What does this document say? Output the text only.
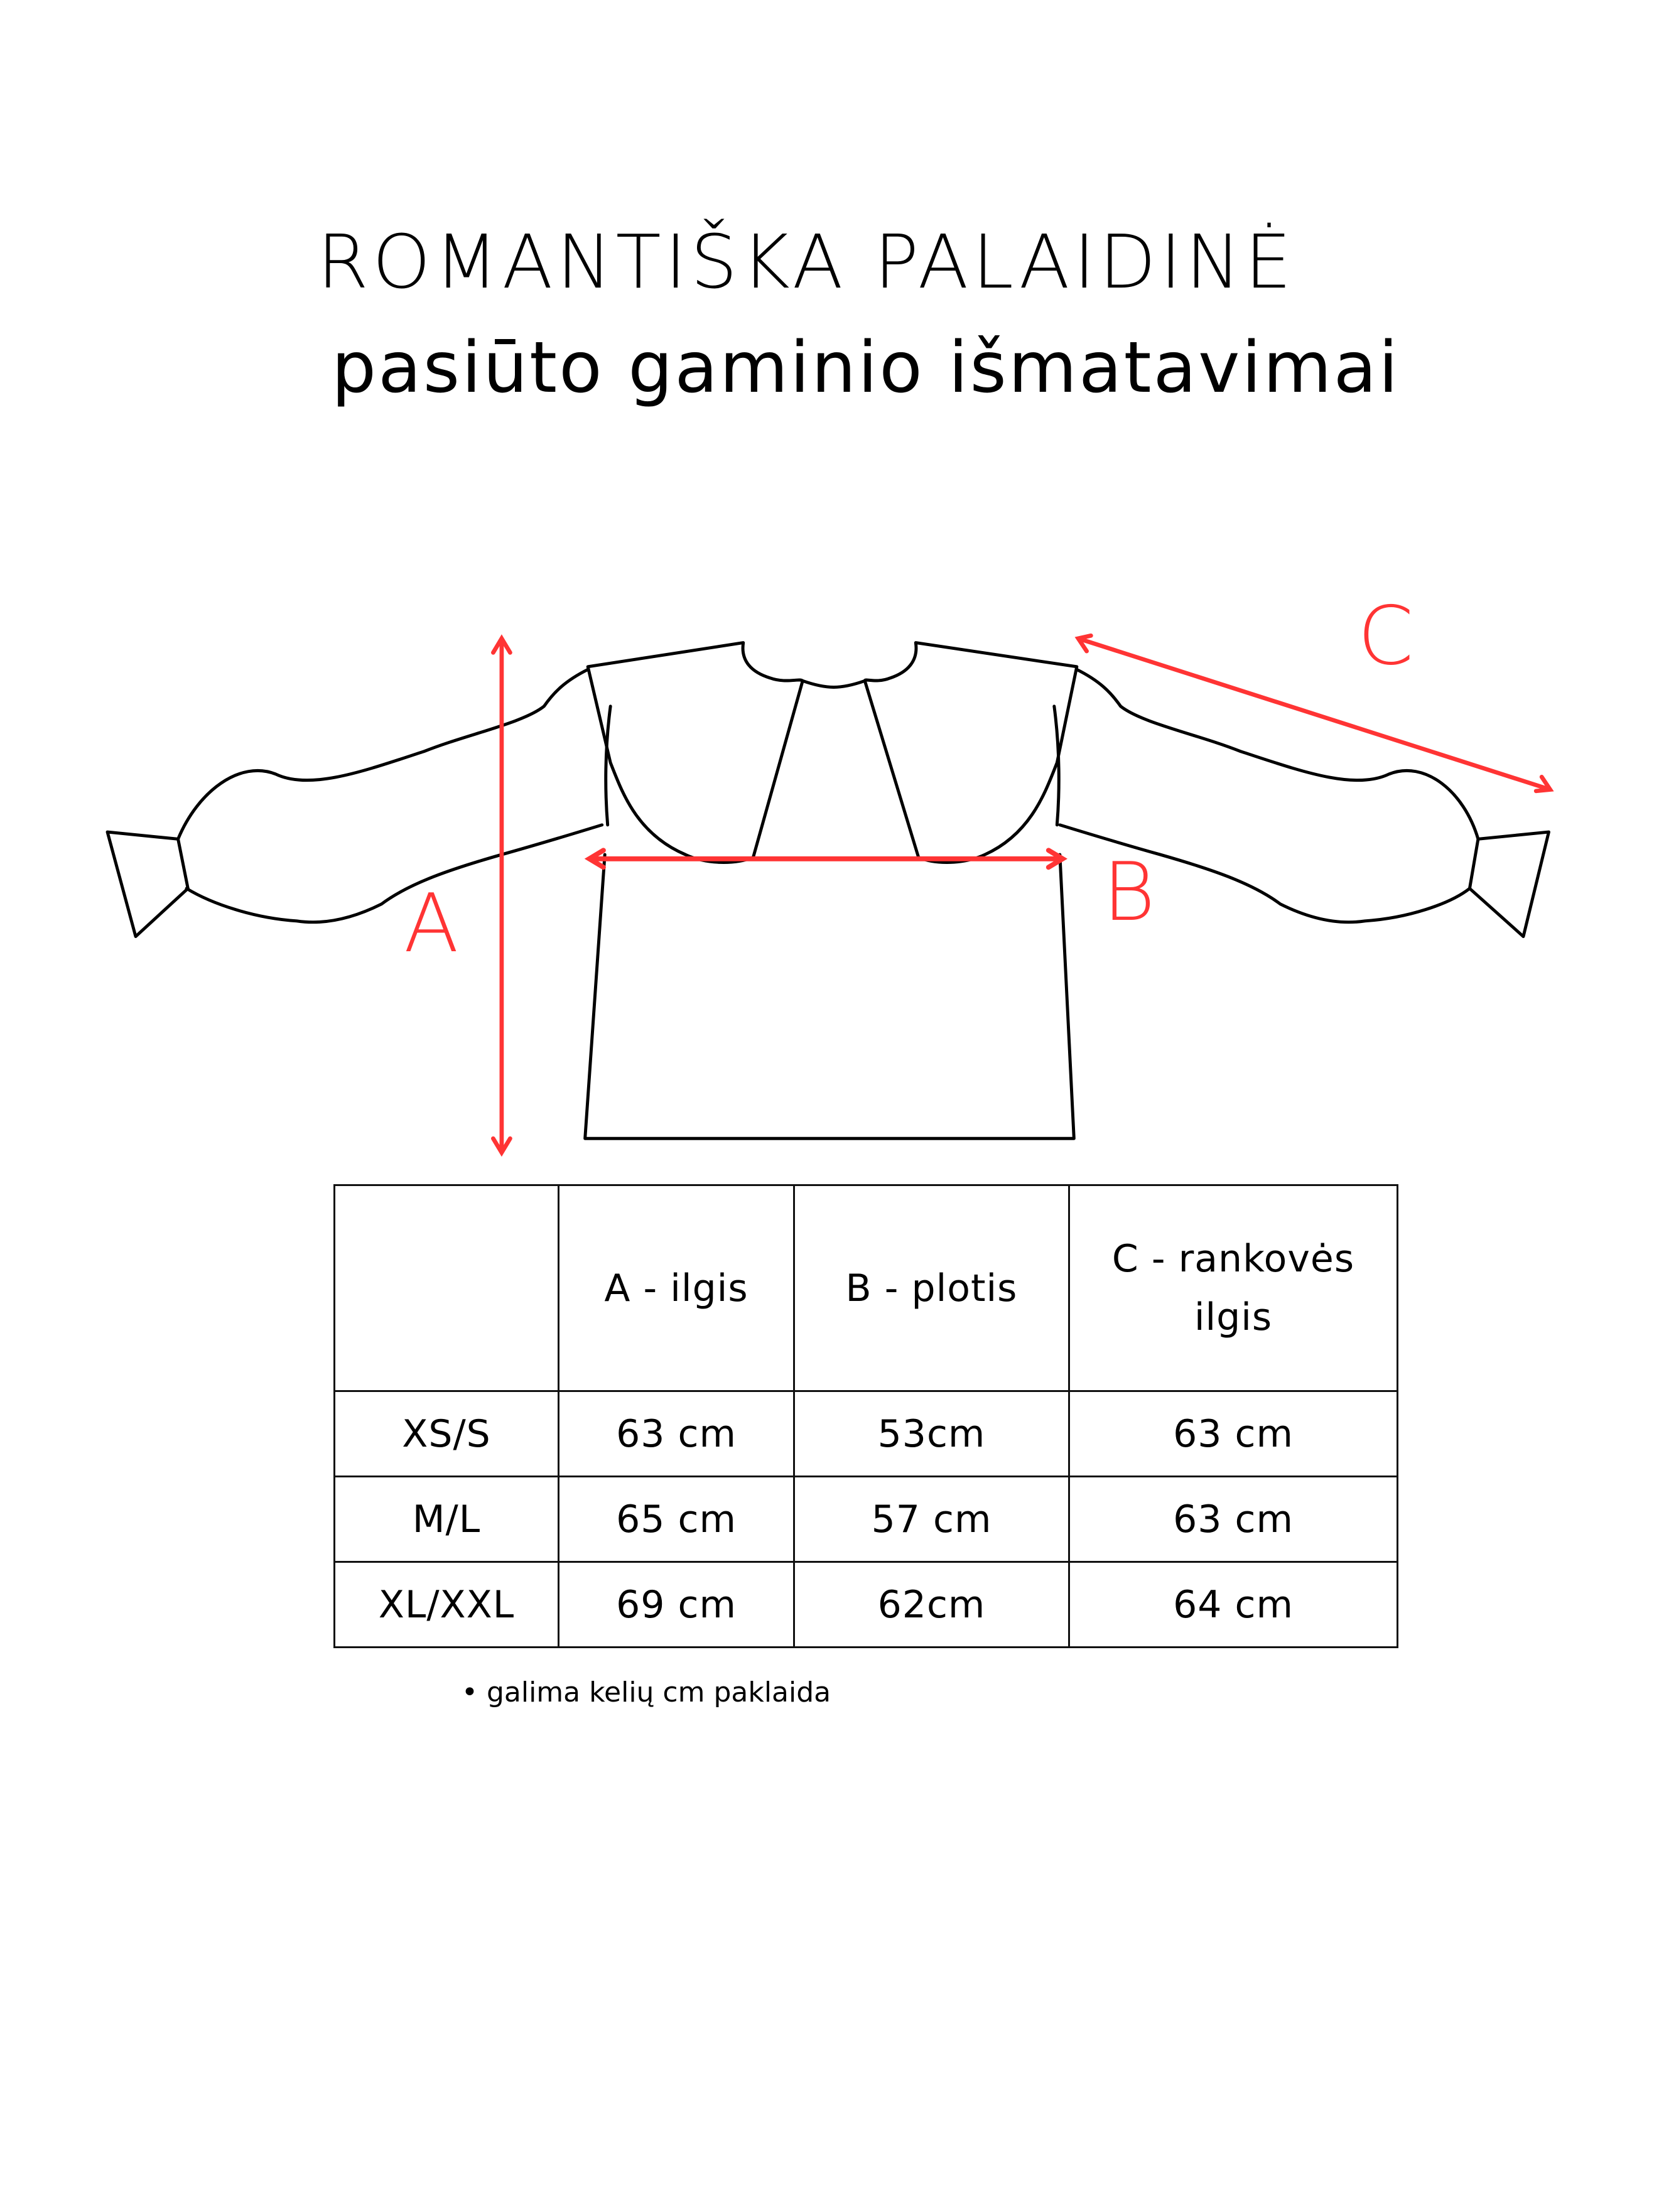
ROMANTIŠKA PALAIDINĖ
pasiūto gaminio išmatavimai
A	B
C
	A - ilgis	B - plotis	C - rankovės ilgis
XS/S	63 cm	53cm	63 cm
M/L	65 cm	57 cm	63 cm
XL/XXL	69 cm	62cm	64 cm
• galima kelių cm paklaida
